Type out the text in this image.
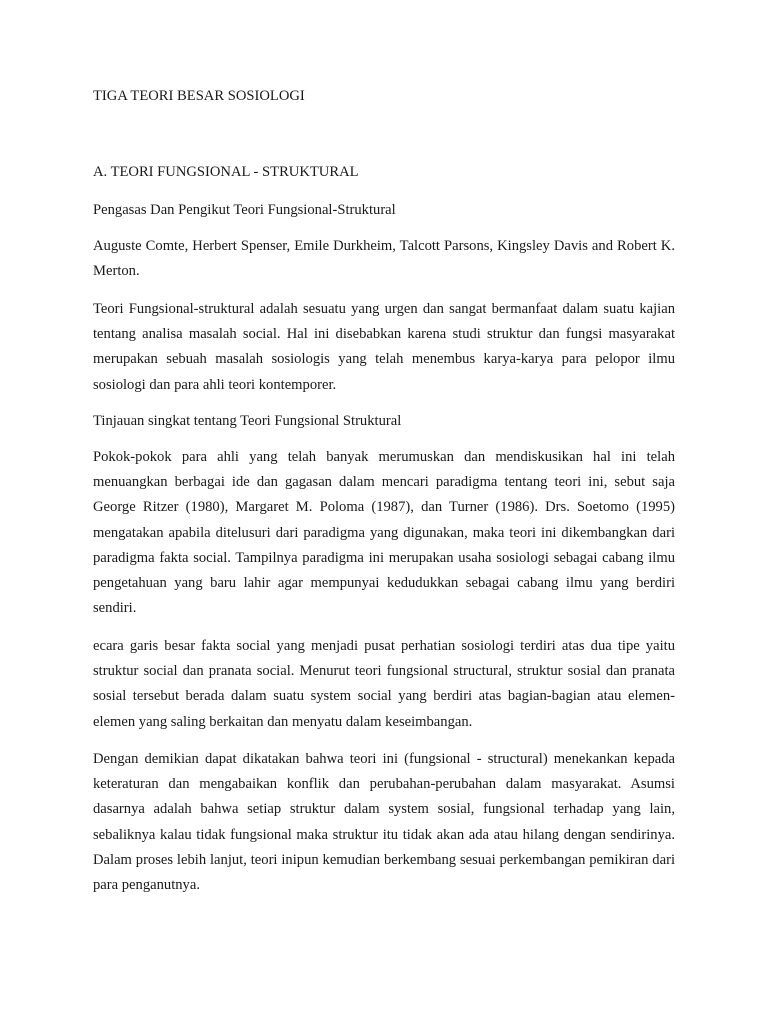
TIGA TEORI BESAR SOSIOLOGI
A. TEORI FUNGSIONAL - STRUKTURAL
Pengasas Dan Pengikut Teori Fungsional-Struktural

Auguste Comte, Herbert Spenser, Emile Durkheim, Talcott Parsons, Kingsley Davis and Robert K. Merton.

Teori Fungsional-struktural adalah sesuatu yang urgen dan sangat bermanfaat dalam suatu kajian tentang analisa masalah social. Hal ini disebabkan karena studi struktur dan fungsi masyarakat merupakan sebuah masalah sosiologis yang telah menembus karya-karya para pelopor ilmu sosiologi dan para ahli teori kontemporer.

Tinjauan singkat tentang Teori Fungsional Struktural

Pokok-pokok para ahli yang telah banyak merumuskan dan mendiskusikan hal ini telah menuangkan berbagai ide dan gagasan dalam mencari paradigma tentang teori ini, sebut saja George Ritzer (1980), Margaret M. Poloma (1987), dan Turner (1986). Drs. Soetomo (1995) mengatakan apabila ditelusuri dari paradigma yang digunakan, maka teori ini dikembangkan dari paradigma fakta social. Tampilnya paradigma ini merupakan usaha sosiologi sebagai cabang ilmu pengetahuan yang baru lahir agar mempunyai kedudukkan sebagai cabang ilmu yang berdiri sendiri.

ecara garis besar fakta social yang menjadi pusat perhatian sosiologi terdiri atas dua tipe yaitu struktur social dan pranata social. Menurut teori fungsional structural, struktur sosial dan pranata sosial tersebut berada dalam suatu system social yang berdiri atas bagian-bagian atau elemen-elemen yang saling berkaitan dan menyatu dalam keseimbangan.

Dengan demikian dapat dikatakan bahwa teori ini (fungsional - structural) menekankan kepada keteraturan dan mengabaikan konflik dan perubahan-perubahan dalam masyarakat. Asumsi dasarnya adalah bahwa setiap struktur dalam system sosial, fungsional terhadap yang lain, sebaliknya kalau tidak fungsional maka struktur itu tidak akan ada atau hilang dengan sendirinya. Dalam proses lebih lanjut, teori inipun kemudian berkembang sesuai perkembangan pemikiran dari para penganutnya.
